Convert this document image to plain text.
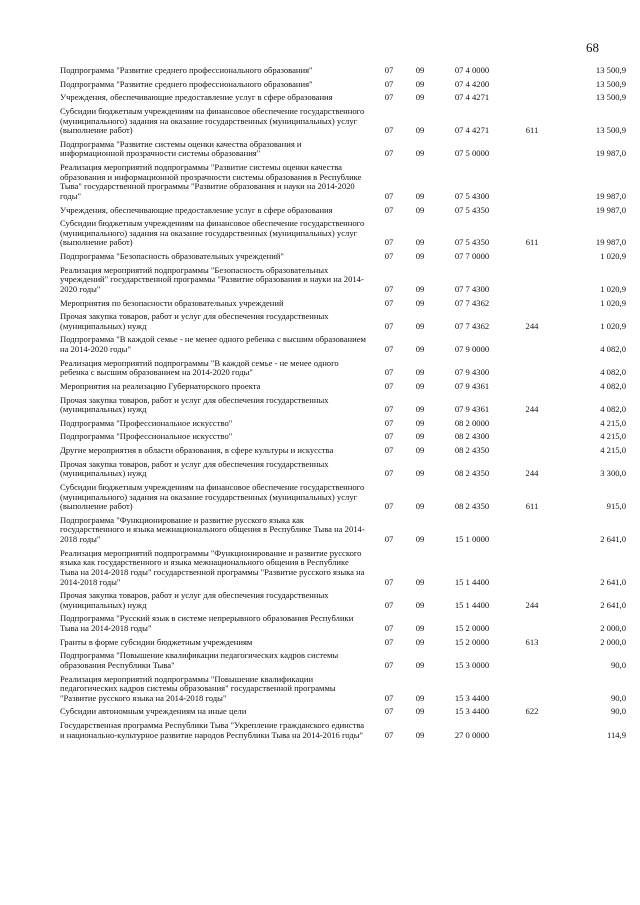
68
Подпрограмма "Развитие среднего профессионального образования"	07	09	07 4 0000		13 500,9
Подпрограмма "Развитие среднего профессионального образования"	07	09	07 4 4200		13 500,9
Учреждения, обеспечивающие предоставление услуг в сфере образования	07	09	07 4 4271		13 500,9
Субсидии бюджетным учреждениям на финансовое обеспечение государственного (муниципального) задания на оказание государственных (муниципальных) услуг (выполнение работ)	07	09	07 4 4271	611	13 500,9
Подпрограмма "Развитие системы оценки качества образования и информационной прозрачности системы образования"	07	09	07 5 0000		19 987,0
Реализация мероприятий подпрограммы "Развитие системы оценки качества образования и информационной прозрачности системы образования в Республике Тыва" государственной программы "Развитие образования и науки на 2014-2020 годы"	07	09	07 5 4300		19 987,0
Учреждения, обеспечивающие предоставление услуг в сфере образования	07	09	07 5 4350		19 987,0
Субсидии бюджетным учреждениям на финансовое обеспечение государственного (муниципального) задания на оказание государственных (муниципальных) услуг (выполнение работ)	07	09	07 5 4350	611	19 987,0
Подпрограмма "Безопасность образовательных учреждений"	07	09	07 7 0000		1 020,9
Реализация мероприятий подпрограммы "Безопасность образовательных учреждений" государственной программы "Развитие образования и науки на 2014-2020 годы"	07	09	07 7 4300		1 020,9
Мероприятия по безопасности образовательных учреждений	07	09	07 7 4362		1 020,9
Прочая закупка товаров, работ и услуг для обеспечения государственных (муниципальных) нужд	07	09	07 7 4362	244	1 020,9
Подпрограмма "В каждой семье - не менее одного ребенка с высшим образованием на 2014-2020 годы"	07	09	07 9 0000		4 082,0
Реализация мероприятий подпрограммы "В каждой семье - не менее одного ребенка с высшим образованием на 2014-2020 годы"	07	09	07 9 4300		4 082,0
Мероприятия на реализацию Губернаторского проекта	07	09	07 9 4361		4 082,0
Прочая закупка товаров, работ и услуг для обеспечения государственных (муниципальных) нужд	07	09	07 9 4361	244	4 082,0
Подпрограмма "Профессиональное искусство"	07	09	08 2 0000		4 215,0
Подпрограмма "Профессиональное искусство"	07	09	08 2 4300		4 215,0
Другие мероприятия в области образования, в сфере культуры и искусства	07	09	08 2 4350		4 215,0
Прочая закупка товаров, работ и услуг для обеспечения государственных (муниципальных) нужд	07	09	08 2 4350	244	3 300,0
Субсидии бюджетным учреждениям на финансовое обеспечение государственного (муниципального) задания на оказание государственных (муниципальных) услуг (выполнение работ)	07	09	08 2 4350	611	915,0
Подпрограмма "Функционирование и развитие русского языка как государственного и языка межнационального общения в Республике Тыва на 2014-2018 годы"	07	09	15 1 0000		2 641,0
Реализация мероприятий подпрограммы "Функционирование и развитие русского языка как государственного и языка межнационального общения в Республике Тыва на 2014-2018 годы" государственной программы "Развитие русского языка на 2014-2018 годы"	07	09	15 1 4400		2 641,0
Прочая закупка товаров, работ и услуг для обеспечения государственных (муниципальных) нужд	07	09	15 1 4400	244	2 641,0
Подпрограмма "Русский язык в системе непрерывного образования Республики Тыва на 2014-2018 годы"	07	09	15 2 0000		2 000,0
Гранты в форме субсидии бюджетным учреждениям	07	09	15 2 0000	613	2 000,0
Подпрограмма "Повышение квалификации педагогических кадров системы образования Республики Тыва"	07	09	15 3 0000		90,0
Реализация мероприятий подпрограммы "Повышение квалификации педагогических кадров системы образования" государственной программы "Развитие русского языка на 2014-2018 годы"	07	09	15 3 4400		90,0
Субсидии автономным учреждениям на иные цели	07	09	15 3 4400	622	90,0
Государственная программа Республики Тыва "Укрепление гражданского единства и национально-культурное развитие народов Республики Тыва на 2014-2016 годы"	07	09	27 0 0000		114,9
